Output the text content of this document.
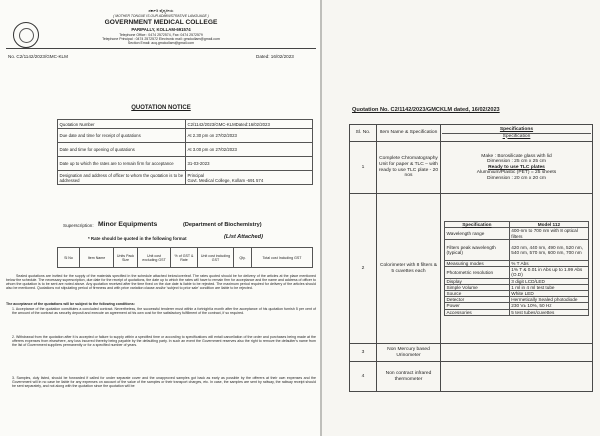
ಸರ್ಕಾರಿ ವೈದ್ಯಕೀಯ
( MOTHER TONGUE IS OUR ADMINISTRATIVE LANGUAGE )
GOVERNMENT MEDICAL COLLEGE
PARIPALLY, KOLLAM-691574
Telephone Office : 0474 2572574, Fax: 0474 2572579
Telephone Principal : 0474 2572572 Electronic mail: gmckollam@gmail.com
Section Email: acq.gmckollam@gmail.com
No. C2/1142/2023/GMC-KLM	Dated: 16/02/2023
QUOTATION NOTICE
Quotation Number	C2/1142/2023/GMC-KLMDated:16/02/2023
Due date and time for receipt of quotations	At 2.30 pm on 27/02/2023
Date and time for opening of quotations	At 3.00 pm on 27/02/2023
Date up to which the rates are to remain firm for acceptance	31-03-2023
Designation and address of officer to whom the quotation is to be addressed	Principal
Govt. Medical College, Kollam -691 574
Superscription: Minor Equipments	(Department of Biochemistry)
* Rate should be quoted in the following format	(List Attached)
Sl No	Item Name	Units Pack Size	Unit cost excluding GST	% of GST & Rate	Unit cost including GST	Qty.	Total cost Including GST
Sealed quotations are invited for the supply of the materials specified in the schedule attached below/overleaf. The rates quoted should be for delivery of the articles at the place mentioned below the schedule. The necessary superscription, due date for the receipt of quotations, the date up to which the rates will have to remain firm for acceptance and the name and address of officer to whom the quotation is to be sent are noted above. Any quotation received after the time fixed on the due date is liable to be rejected. The maximum period required for delivery of the articles should also be mentioned. Quotations not stipulating period of firmness and with price variation clause and/or 'subject to prior sale' condition are liable to be rejected.
The acceptance of the quotations will be subject to the following conditions:
1. Acceptance of the quotation constitutes a concluded contract. Nevertheless, the successful tenderer must within a fortnight/a month after the acceptance of his quotation furnish 5 per cent of the amount of the contract as security deposit and execute an agreement at his own cost for the satisfactory fulfillment of the contract, if so required.
2. Withdrawal from the quotation after it is accepted or failure to supply within a specified time or according to specifications will entail cancellation of the order and purchases being made at the offerers expenses from elsewhere, any loss incurred thereby being payable by the defaulting party. In such an event the Government reserves also the right to remove the defaulter's name from the list of Government suppliers permanently or for a specified number of years.
3. Samples, duly listed, should be forwarded if called for under separate cover and the unapproved samples got back as early as possible by the offerers at their own expenses and the Government will in no case be liable for any expenses on account of the value of the samples or their transport charges, etc. In case, the samples are sent by railway, the railway receipt should be sent separately, and not along with the quotation since the quotation will be
Quotation No. C2/1142/2023/GMCKLM dated, 16/02/2023
Sl. No.	Item Name & Specification	
Specifications
Specification

1	Complete Chromatography Unit for paper & TLC – with ready to use TLC plate - 20 nos	
Make : Borosilicate glass with lid
Dimension : 25 cm x 25 cm
Ready to use TLC plates
Aluminium/Plastic (PET) = 25 sheets
Dimension : 20 cm x 20 cm

2	Colorimeter with 8 filters & 5 cuvettes each	
Specification	Model 112
Wavelength range	400-nm to 700 nm with 8 optical filters
Filters peak wavelength (typical)	420 nm, 440 nm, 490 nm, 520 nm, 540 nm, 570 nm, 600 nm, 700 nm
Measuring modes	% T Abs
Photometric resolution	1% T & 0.01 in Abs up to 1.99 Abs (O.D)
Display	3 digit LCD/LED
Simple Volume	1 ml in 4 ml test tube
Source	White LED
Detector	Hermetically Sealed photodiode
Power	230 V± 10%, 50 Hz
Accessories	5 test tubes/cuvettes

3	Non Mercury based Urinometer	
4	Non contract infrared thermometer	
